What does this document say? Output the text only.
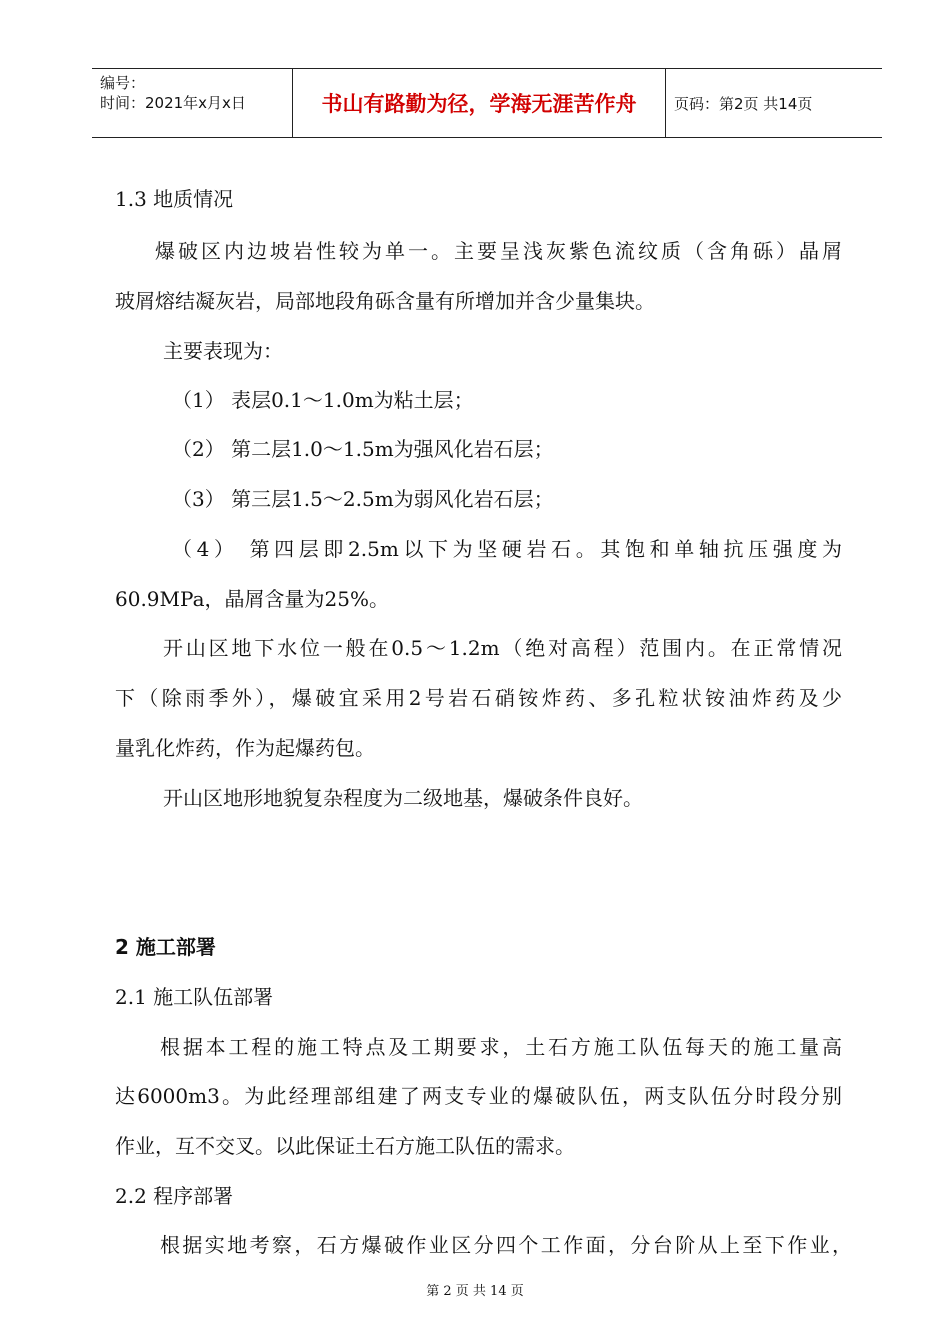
编号：
时间：2021年x月x日	书山有路勤为径，学海无涯苦作舟	页码：第2页 共14页
1.3 地质情况
爆破区内边坡岩性较为单一。主要呈浅灰紫色流纹质（含角砾）晶屑
玻屑熔结凝灰岩，局部地段角砾含量有所增加并含少量集块。
主要表现为：
（1） 表层0.1～1.0m为粘土层；
（2） 第二层1.0～1.5m为强风化岩石层；
（3） 第三层1.5～2.5m为弱风化岩石层；
（4） 第四层即2.5m以下为坚硬岩石。其饱和单轴抗压强度为
60.9MPa，晶屑含量为25%。
开山区地下水位一般在0.5～1.2m（绝对高程）范围内。在正常情况
下（除雨季外），爆破宜采用2号岩石硝铵炸药、多孔粒状铵油炸药及少
量乳化炸药，作为起爆药包。
开山区地形地貌复杂程度为二级地基，爆破条件良好。
2 施工部署
2.1 施工队伍部署
根据本工程的施工特点及工期要求，土石方施工队伍每天的施工量高
达6000m3。为此经理部组建了两支专业的爆破队伍，两支队伍分时段分别
作业，互不交叉。以此保证土石方施工队伍的需求。
2.2 程序部署
根据实地考察，石方爆破作业区分四个工作面，分台阶从上至下作业，
第 2 页 共 14 页
